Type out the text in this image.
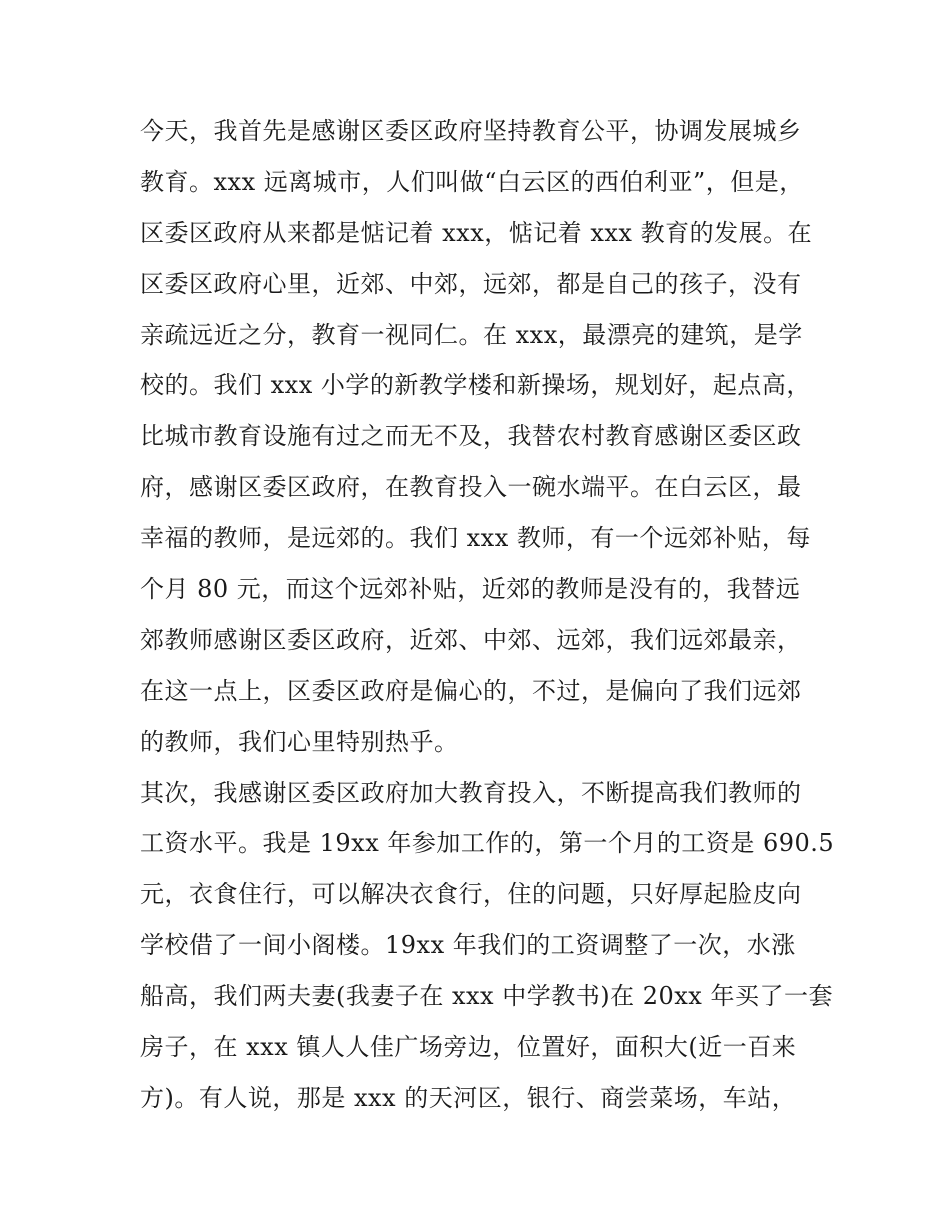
今天，我首先是感谢区委区政府坚持教育公平，协调发展城乡
教育。xxx 远离城市，人们叫做“白云区的西伯利亚”，但是，
区委区政府从来都是惦记着 xxx，惦记着 xxx 教育的发展。在
区委区政府心里，近郊、中郊，远郊，都是自己的孩子，没有
亲疏远近之分，教育一视同仁。在 xxx，最漂亮的建筑，是学
校的。我们 xxx 小学的新教学楼和新操场，规划好，起点高，
比城市教育设施有过之而无不及，我替农村教育感谢区委区政
府，感谢区委区政府，在教育投入一碗水端平。在白云区，最
幸福的教师，是远郊的。我们 xxx 教师，有一个远郊补贴，每
个月 80 元，而这个远郊补贴，近郊的教师是没有的，我替远
郊教师感谢区委区政府，近郊、中郊、远郊，我们远郊最亲，
在这一点上，区委区政府是偏心的，不过，是偏向了我们远郊
的教师，我们心里特别热乎。
其次，我感谢区委区政府加大教育投入，不断提高我们教师的
工资水平。我是 19xx 年参加工作的，第一个月的工资是 690.5
元，衣食住行，可以解决衣食行，住的问题，只好厚起脸皮向
学校借了一间小阁楼。19xx 年我们的工资调整了一次，水涨
船高，我们两夫妻(我妻子在 xxx 中学教书)在 20xx 年买了一套
房子，在 xxx 镇人人佳广场旁边，位置好，面积大(近一百来
方)。有人说，那是 xxx 的天河区，银行、商尝菜场，车站，
